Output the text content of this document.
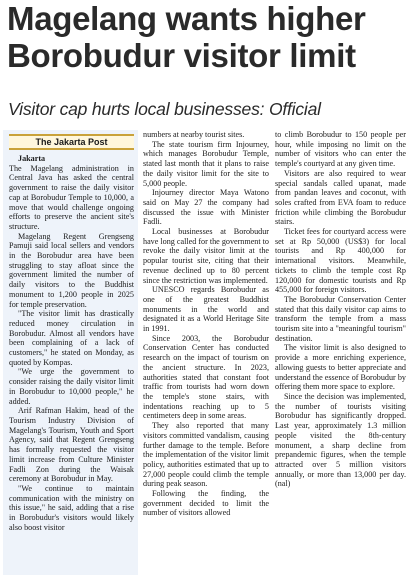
Magelang wants higher Borobudur visitor limit
Visitor cap hurts local businesses: Official
The Jakarta Post

Jakarta

The Magelang administration in Central Java has asked the central government to raise the daily visitor cap at Borobudur Temple to 10,000, a move that would challenge ongoing efforts to preserve the ancient site's structure.

Magelang Regent Grengseng Pamuji said local sellers and vendors in the Borobudur area have been struggling to stay afloat since the government limited the number of daily visitors to the Buddhist monument to 1,200 people in 2025 for temple preservation.

"The visitor limit has drastically reduced money circulation in Borobudur. Almost all vendors have been complaining of a lack of customers," he stated on Monday, as quoted by Kompas.

"We urge the government to consider raising the daily visitor limit in Borobudur to 10,000 people," he added.

Arif Rafman Hakim, head of the Tourism Industry Division of Magelang's Tourism, Youth and Sport Agency, said that Regent Grengseng has formally requested the visitor limit increase from Culture Minister Fadli Zon during the Waisak ceremony at Borobudur in May.

"We continue to maintain communication with the ministry on this issue," he said, adding that a rise in Borobudur's visitors would likely also boost visitor

numbers at nearby tourist sites.

The state tourism firm Injourney, which manages Borobudur Temple, stated last month that it plans to raise the daily visitor limit for the site to 5,000 people.

Injourney director Maya Watono said on May 27 the company had discussed the issue with Minister Fadli.

Local businesses at Borobudur have long called for the government to revoke the daily visitor limit at the popular tourist site, citing that their revenue declined up to 80 percent since the restriction was implemented.

UNESCO regards Borobudur as one of the greatest Buddhist monuments in the world and designated it as a World Heritage Site in 1991.

Since 2003, the Borobudur Conservation Center has conducted research on the impact of tourism on the ancient structure. In 2023, authorities stated that constant foot traffic from tourists had worn down the temple's stone stairs, with indentations reaching up to 5 centimeters deep in some areas.

They also reported that many visitors committed vandalism, causing further damage to the temple. Before the implementation of the visitor limit policy, authorities estimated that up to 27,000 people could climb the temple during peak season.

Following the finding, the government decided to limit the number of visitors allowed

to climb Borobudur to 150 people per hour, while imposing no limit on the number of visitors who can enter the temple's courtyard at any given time.

Visitors are also required to wear special sandals called upanat, made from pandan leaves and coconut, with soles crafted from EVA foam to reduce friction while climbing the Borobudur stairs.

Ticket fees for courtyard access were set at Rp 50,000 (US$3) for local tourists and Rp 400,000 for international visitors. Meanwhile, tickets to climb the temple cost Rp 120,000 for domestic tourists and Rp 455,000 for foreign visitors.

The Borobudur Conservation Center stated that this daily visitor cap aims to transform the temple from a mass tourism site into a "meaningful tourism" destination.

The visitor limit is also designed to provide a more enriching experience, allowing guests to better appreciate and understand the essence of Borobudur by offering them more space to explore.

Since the decision was implemented, the number of tourists visiting Borobudur has significantly dropped. Last year, approximately 1.3 million people visited the 8th-century monument, a sharp decline from prepandemic figures, when the temple attracted over 5 million visitors annually, or more than 13,000 per day. (nal)
